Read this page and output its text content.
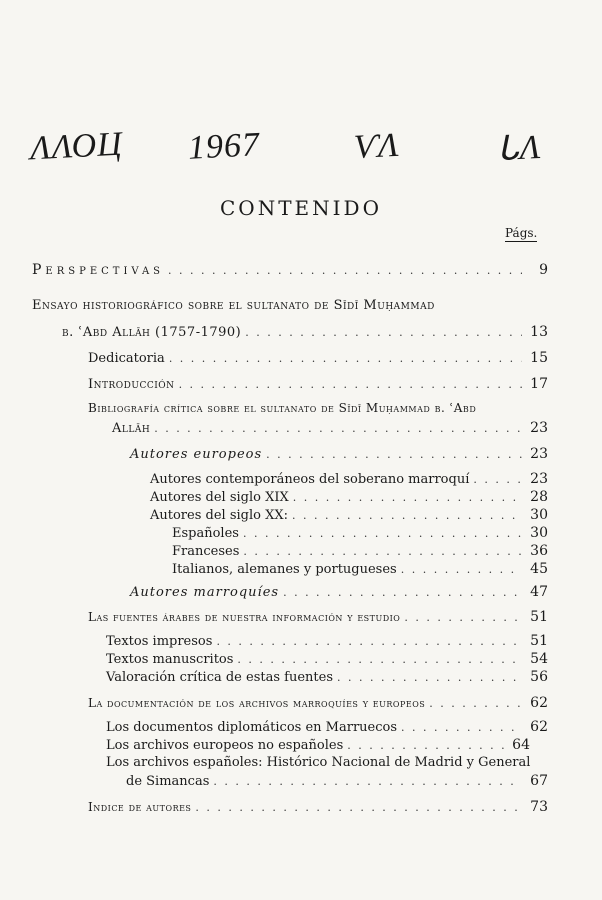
ΛΛΟЦ 1967	ѴΛ	ᒐΛ
CONTENIDO
Págs.
Perspectivas . . .	9
Ensayo historiográfico sobre el sultanato de Sīdī Muḥammad
b. ʿAbd Allāh (1757-1790) . . .	13
Dedicatoria . . .	15
Introducción . . .	17
Bibliografía crítica sobre el sultanato de Sīdī Muḥammad b. ʿAbd
Allāh . . .	23
Autores europeos . . .	23
Autores contemporáneos del soberano marroquí . . .	23
Autores del siglo XIX . . .	28
Autores del siglo XX: . . .	30
Españoles . . .	30
Franceses . . .	36
Italianos, alemanes y portugueses . . .	45
Autores marroquíes . . .	47
Las fuentes árabes de nuestra información y estudio . . .	51
Textos impresos . . .	51
Textos manuscritos . . .	54
Valoración crítica de estas fuentes . . .	56
La documentación de los archivos marroquíes y europeos . . .	62
Los documentos diplomáticos en Marruecos . . .	62
Los archivos europeos no españoles . . .	64
Los archivos españoles: Histórico Nacional de Madrid y General
de Simancas . . .	67
Indice de autores . . .	73
